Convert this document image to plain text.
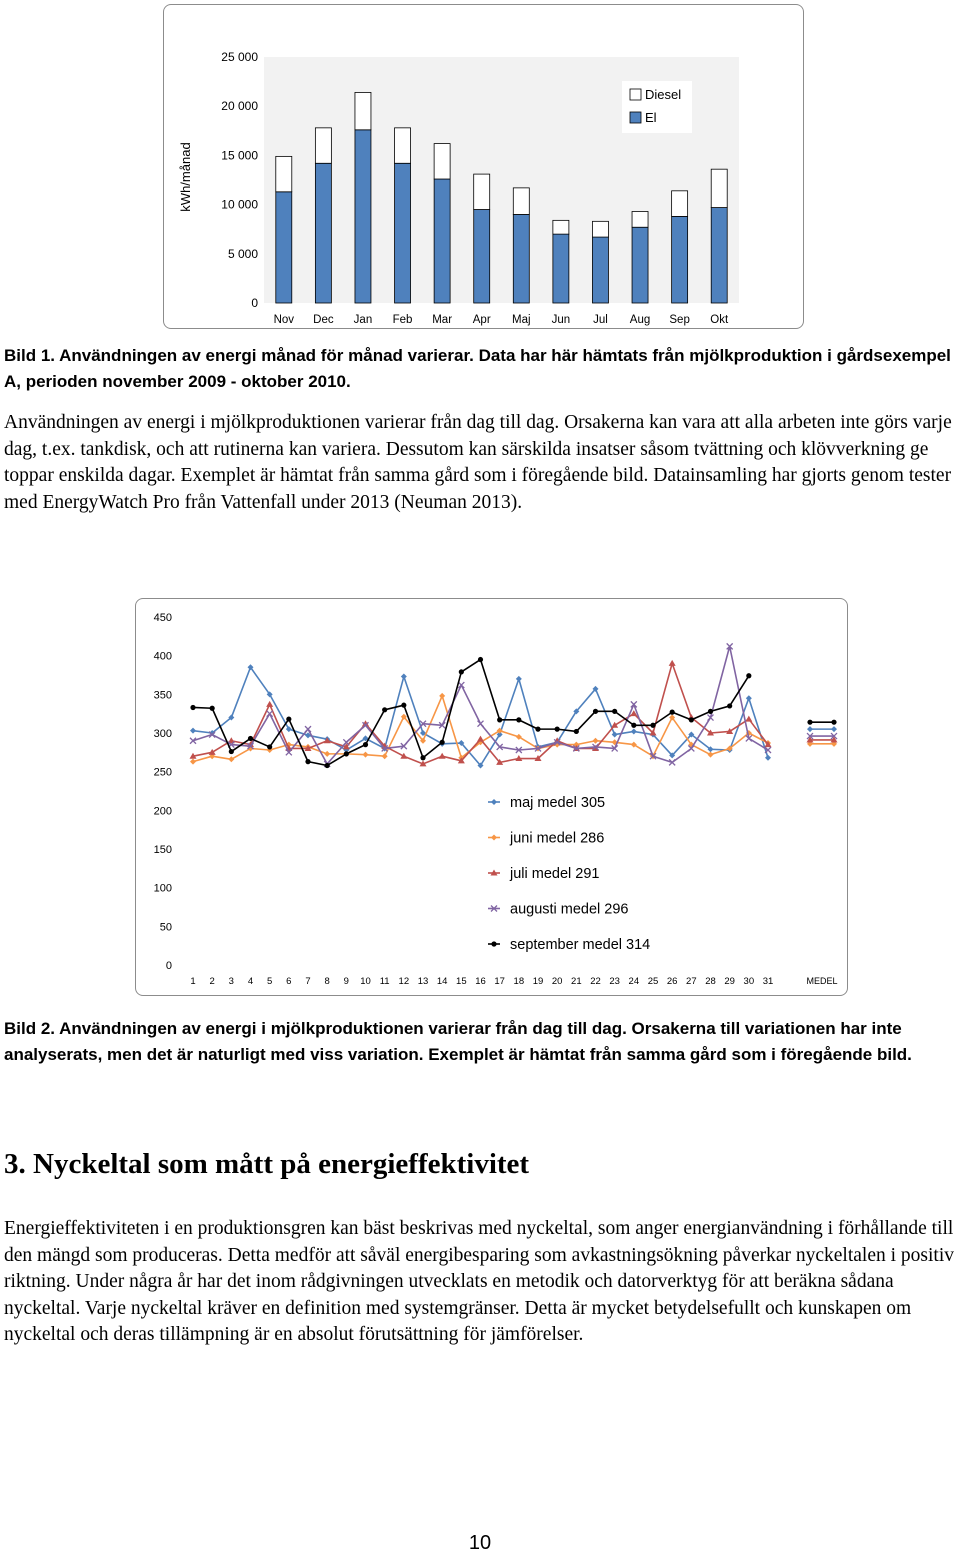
0
5 000
10 000
15 000
20 000
25 000
Nov Dec Jan Feb Mar Apr Maj Jun Jul Aug Sep Okt
kWh/månad
Diesel
El
Bild 1. Användningen av energi månad för månad varierar. Data har här hämtats från mjölkproduktion i gårdsexempel A, perioden november 2009 - oktober 2010.
Användningen av energi i mjölkproduktionen varierar från dag till dag. Orsakerna kan vara att alla arbeten inte görs varje dag, t.ex. tankdisk, och att rutinerna kan variera. Dessutom kan särskilda insatser såsom tvättning och klövverkning ge toppar enskilda dagar. Exemplet är hämtat från samma gård som i föregående bild. Datainsamling har gjorts genom tester med EnergyWatch Pro från Vattenfall under 2013 (Neuman 2013).
0
50
100
150
200
250
300
350
400
450
1 2 3 4 5 6 7 8 9 10 11 12 13 14 15 16 17 18 19 20 21 22 23 24 25 26 27 28 29 30 31	MEDEL
maj medel 305
juni medel 286
juli medel 291
augusti medel 296
september medel 314
Bild 2. Användningen av energi i mjölkproduktionen varierar från dag till dag. Orsakerna till variationen har inte analyserats, men det är naturligt med viss variation. Exemplet är hämtat från samma gård som i föregående bild.
3. Nyckeltal som mått på energieffektivitet
Energieffektiviteten i en produktionsgren kan bäst beskrivas med nyckeltal, som anger energianvändning i förhållande till den mängd som produceras. Detta medför att såväl energibesparing som avkastningsökning påverkar nyckeltalen i positiv riktning. Under några år har det inom rådgivningen utvecklats en metodik och datorverktyg för att beräkna sådana nyckeltal. Varje nyckeltal kräver en definition med systemgränser. Detta är mycket betydelsefullt och kunskapen om nyckeltal och deras tillämpning är en absolut förutsättning för jämförelser.
10
